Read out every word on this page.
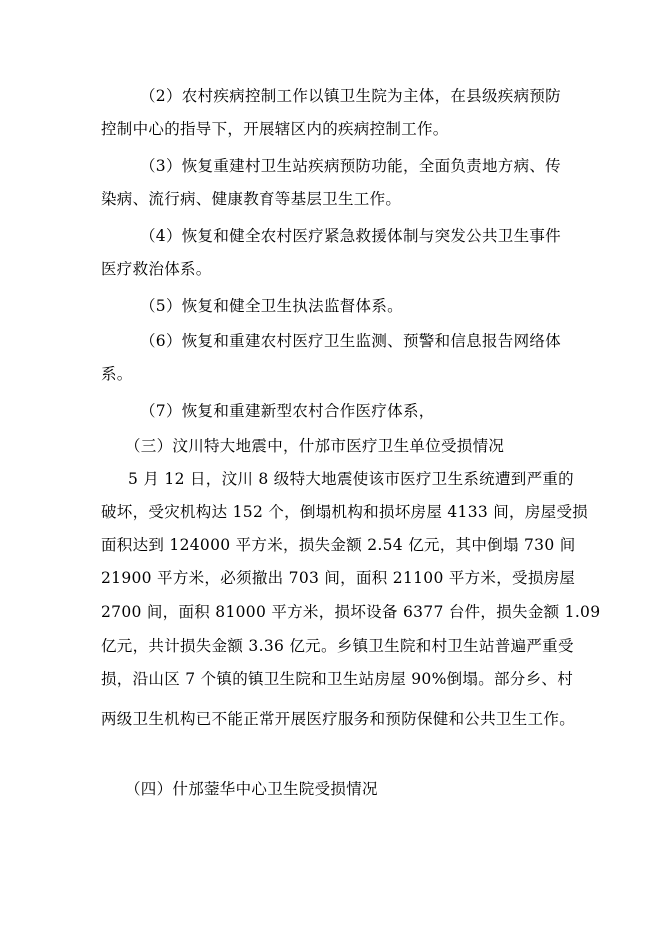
（2）农村疾病控制工作以镇卫生院为主体，在县级疾病预防
控制中心的指导下，开展辖区内的疾病控制工作。
（3）恢复重建村卫生站疾病预防功能，全面负责地方病、传
染病、流行病、健康教育等基层卫生工作。
（4）恢复和健全农村医疗紧急救援体制与突发公共卫生事件
医疗救治体系。
（5）恢复和健全卫生执法监督体系。
（6）恢复和重建农村医疗卫生监测、预警和信息报告网络体
系。
（7）恢复和重建新型农村合作医疗体系，
（三）汶川特大地震中，什邡市医疗卫生单位受损情况
5 月 12 日，汶川 8 级特大地震使该市医疗卫生系统遭到严重的
破坏，受灾机构达 152 个，倒塌机构和损坏房屋 4133 间，房屋受损
面积达到 124000 平方米，损失金额 2.54 亿元，其中倒塌 730 间
21900 平方米，必须撤出 703 间，面积 21100 平方米，受损房屋
2700 间，面积 81000 平方米，损坏设备 6377 台件，损失金额 1.09
亿元，共计损失金额 3.36 亿元。乡镇卫生院和村卫生站普遍严重受
损，沿山区 7 个镇的镇卫生院和卫生站房屋 90%倒塌。部分乡、村
两级卫生机构已不能正常开展医疗服务和预防保健和公共卫生工作。
（四）什邡蓥华中心卫生院受损情况
